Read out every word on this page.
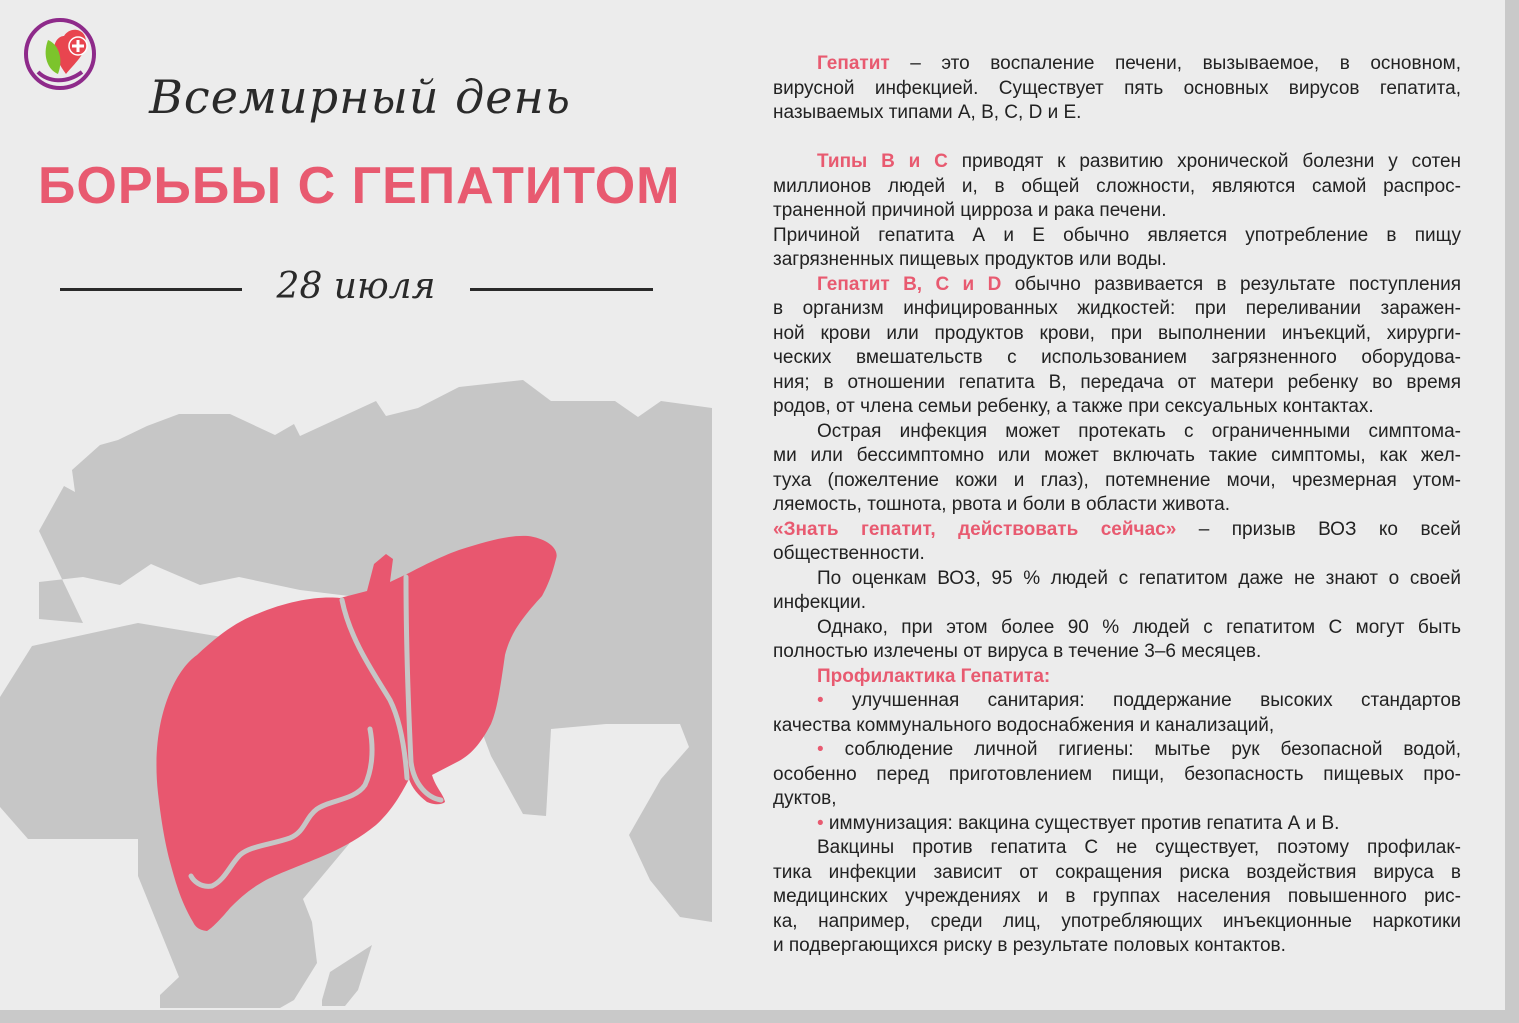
Всемирный день
БОРЬБЫ С ГЕПАТИТОМ
28 июля
Гепатит – это воспаление печени, вызываемое, в основном,
вирусной инфекцией. Существует пять основных вирусов гепатита,
называемых типами А, В, С, D и Е.
Типы В и С приводят к развитию хронической болезни у сотен
миллионов людей и, в общей сложности, являются самой распрос-
траненной причиной цирроза и рака печени.
Причиной гепатита А и Е обычно является употребление в пищу
загрязненных пищевых продуктов или воды.
Гепатит В, С и D обычно развивается в результате поступления
в организм инфицированных жидкостей: при переливании заражен-
ной крови или продуктов крови, при выполнении инъекций, хирурги-
ческих вмешательств с использованием загрязненного оборудова-
ния; в отношении гепатита В, передача от матери ребенку во время
родов, от члена семьи ребенку, а также при сексуальных контактах.
Острая инфекция может протекать с ограниченными симптома-
ми или бессимптомно или может включать такие симптомы, как жел-
туха (пожелтение кожи и глаз), потемнение мочи, чрезмерная утом-
ляемость, тошнота, рвота и боли в области живота.
«Знать гепатит, действовать сейчас» – призыв ВОЗ ко всей
общественности.
По оценкам ВОЗ, 95 % людей с гепатитом даже не знают о своей
инфекции.
Однако, при этом более 90 % людей с гепатитом С могут быть
полностью излечены от вируса в течение 3–6 месяцев.
Профилактика Гепатита:
• улучшенная санитария: поддержание высоких стандартов
качества коммунального водоснабжения и канализаций,
• соблюдение личной гигиены: мытье рук безопасной водой,
особенно перед приготовлением пищи, безопасность пищевых про-
дуктов,
• иммунизация: вакцина существует против гепатита А и В.
Вакцины против гепатита С не существует, поэтому профилак-
тика инфекции зависит от сокращения риска воздействия вируса в
медицинских учреждениях и в группах населения повышенного рис-
ка, например, среди лиц, употребляющих инъекционные наркотики
и подвергающихся риску в результате половых контактов.
